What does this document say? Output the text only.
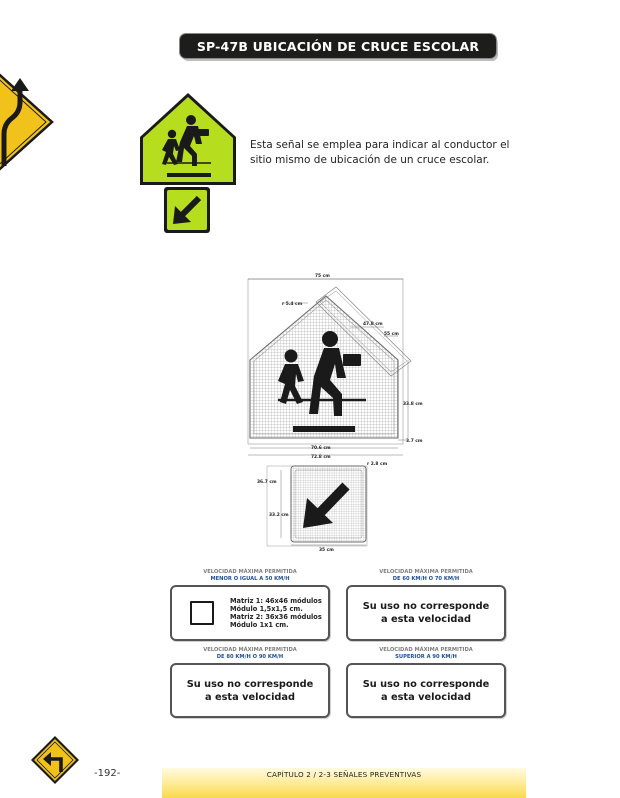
SP-47B UBICACIÓN DE CRUCE ESCOLAR
Esta señal se emplea para indicar al conductor el sitio mismo de ubicación de un cruce escolar.
75 cm
r 5.4 cm
47.8 cm
55 cm
33.8 cm
3.7 cm
70.6 cm
72.8 cm
36.7 cm
33.2 cm
35 cm
r 2.8 cm
VELOCIDAD MÁXIMA PERMITIDA
MENOR O IGUAL A 50 KM/H
Matriz 1: 46x46 módulos
Módulo 1,5x1,5 cm.
Matriz 2: 36x36 módulos
Módulo 1x1 cm.
VELOCIDAD MÁXIMA PERMITIDA
DE 60 KM/H O 70 KM/H
Su uso no corresponde
a esta velocidad
VELOCIDAD MÁXIMA PERMITIDA
DE 80 KM/H O 90 KM/H
Su uso no corresponde
a esta velocidad
VELOCIDAD MÁXIMA PERMITIDA
SUPERIOR A 90 KM/H
Su uso no corresponde
a esta velocidad
-192-	CAPÍTULO 2 / 2-3 SEÑALES PREVENTIVAS
